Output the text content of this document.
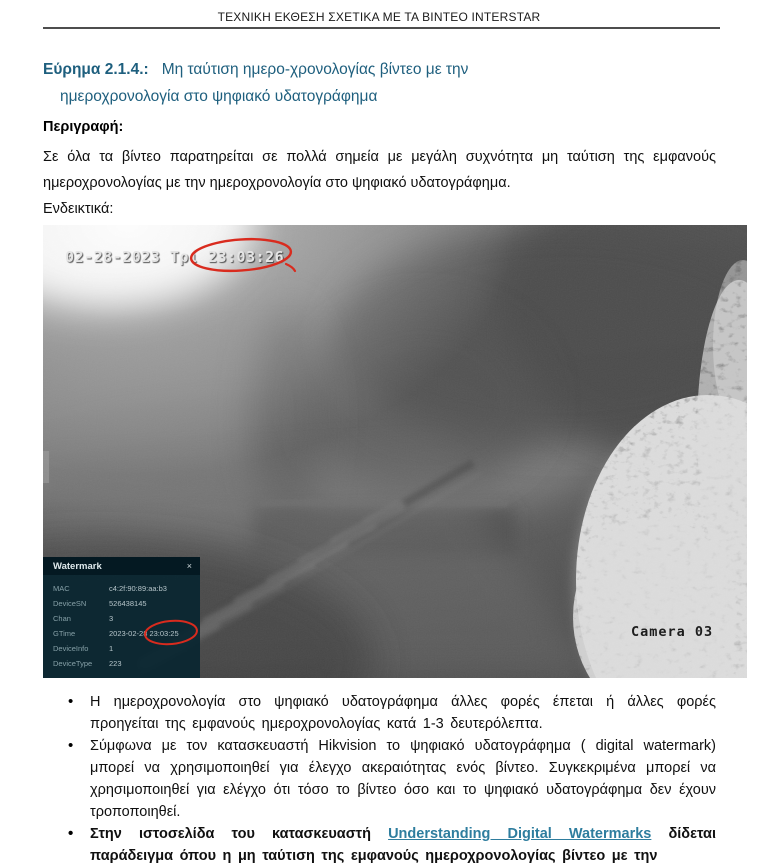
ΤΕΧΝΙΚΗ ΕΚΘΕΣΗ ΣΧΕΤΙΚΑ ΜΕ ΤΑ ΒΙΝΤΕΟ INTERSTAR
Εύρημα 2.1.4.: Μη ταύτιση ημερο-χρονολογίας βίντεο με την
ημεροχρονολογία στο ψηφιακό υδατογράφημα
Περιγραφή:
Σε όλα τα βίντεο παρατηρείται σε πολλά σημεία με μεγάλη συχνότητα μη ταύτιση της εμφανούς ημεροχρονολογίας με την ημεροχρονολογία στο ψηφιακό υδατογράφημα.
Ενδεικτικά:
02-28-2023 Τρί 23:03:26
Camera 03
Watermark	×
MAC	c4:2f:90:89:aa:b3
DeviceSN	526438145
Chan	3
GTime	2023-02-28 23:03:25
DeviceInfo	1
DeviceType	223
• Η ημεροχρονολογία στο ψηφιακό υδατογράφημα άλλες φορές έπεται ή άλλες φορές προηγείται της εμφανούς ημεροχρονολογίας κατά 1-3 δευτερόλεπτα.
• Σύμφωνα με τον κατασκευαστή Hikvision το ψηφιακό υδατογράφημα ( digital watermark) μπορεί να χρησιμοποιηθεί για έλεγχο ακεραιότητας ενός βίντεο. Συγκεκριμένα μπορεί να χρησιμοποιηθεί για ελέγχο ότι τόσο το βίντεο όσο και το ψηφιακό υδατογράφημα δεν έχουν τροποποιηθεί.
• Στην ιστοσελίδα του κατασκευαστή Understanding Digital Watermarks δίδεται παράδειγμα όπου η μη ταύτιση της εμφανούς ημεροχρονολογίας βίντεο με την
